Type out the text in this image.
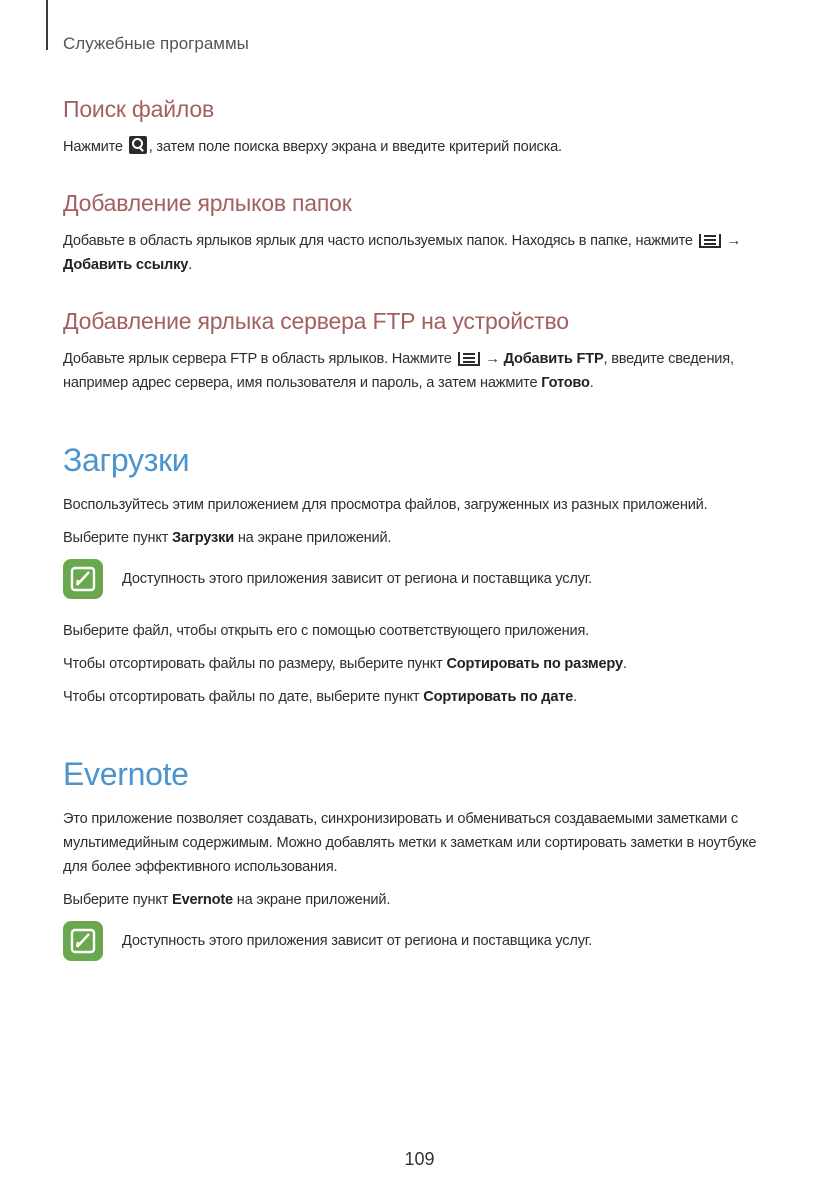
Служебные программы
Поиск файлов

Нажмите , затем поле поиска вверху экрана и введите критерий поиска.

Добавление ярлыков папок

Добавьте в область ярлыков ярлык для часто используемых папок. Находясь в папке, нажмите → Добавить ссылку.

Добавление ярлыка сервера FTP на устройство

Добавьте ярлык сервера FTP в область ярлыков. Нажмите → Добавить FTP, введите сведения, например адрес сервера, имя пользователя и пароль, а затем нажмите Готово.

Загрузки

Воспользуйтесь этим приложением для просмотра файлов, загруженных из разных приложений.

Выберите пункт Загрузки на экране приложений.

Доступность этого приложения зависит от региона и поставщика услуг.

Выберите файл, чтобы открыть его с помощью соответствующего приложения.

Чтобы отсортировать файлы по размеру, выберите пункт Сортировать по размеру.

Чтобы отсортировать файлы по дате, выберите пункт Сортировать по дате.

Evernote

Это приложение позволяет создавать, синхронизировать и обмениваться создаваемыми заметками с мультимедийным содержимым. Можно добавлять метки к заметкам или сортировать заметки в ноутбуке для более эффективного использования.

Выберите пункт Evernote на экране приложений.

Доступность этого приложения зависит от региона и поставщика услуг.
109
